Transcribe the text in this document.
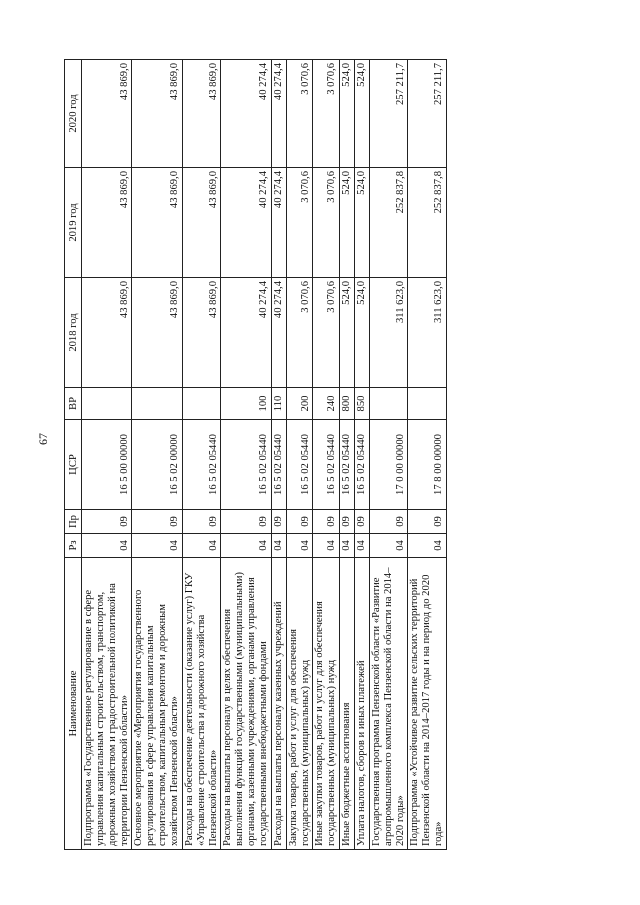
67
Наименование	Рз	Пр	ЦСР	ВР	2018 год	2019 год	2020 год
Подпрограмма «Государственное регулирование в сфере управления капитальным строительством, транспортом, дорожным хозяйством и градостроительной политикой на территории Пензенской области»	04	09	16 5 00 00000		43 869,0	43 869,0	43 869,0
Основное мероприятие «Мероприятия государственного регулирования в сфере управления капитальным строительством, капитальным ремонтом и дорожным хозяйством Пензенской области»	04	09	16 5 02 00000		43 869,0	43 869,0	43 869,0
Расходы на обеспечение деятельности (оказание услуг) ГКУ «Управление строительства и дорожного хозяйства Пензенской области»	04	09	16 5 02 05440		43 869,0	43 869,0	43 869,0
Расходы на выплаты персоналу в целях обеспечения выполнения функций государственными (муниципальными) органами, казенными учреждениями, органами управления государственными внебюджетными фондами	04	09	16 5 02 05440	100	40 274,4	40 274,4	40 274,4
Расходы на выплаты персоналу казенных учреждений	04	09	16 5 02 05440	110	40 274,4	40 274,4	40 274,4
Закупка товаров, работ и услуг для обеспечения государственных (муниципальных) нужд	04	09	16 5 02 05440	200	3 070,6	3 070,6	3 070,6
Иные закупки товаров, работ и услуг для обеспечения государственных (муниципальных) нужд	04	09	16 5 02 05440	240	3 070,6	3 070,6	3 070,6
Иные бюджетные ассигнования	04	09	16 5 02 05440	800	524,0	524,0	524,0
Уплата налогов, сборов и иных платежей	04	09	16 5 02 05440	850	524,0	524,0	524,0
Государственная программа Пензенской области «Развитие агропромышленного комплекса Пензенской области на 2014–2020 годы»	04	09	17 0 00 00000		311 623,0	252 837,8	257 211,7
Подпрограмма «Устойчивое развитие сельских территорий Пензенской области на 2014–2017 годы и на период до 2020 года»	04	09	17 8 00 00000		311 623,0	252 837,8	257 211,7
